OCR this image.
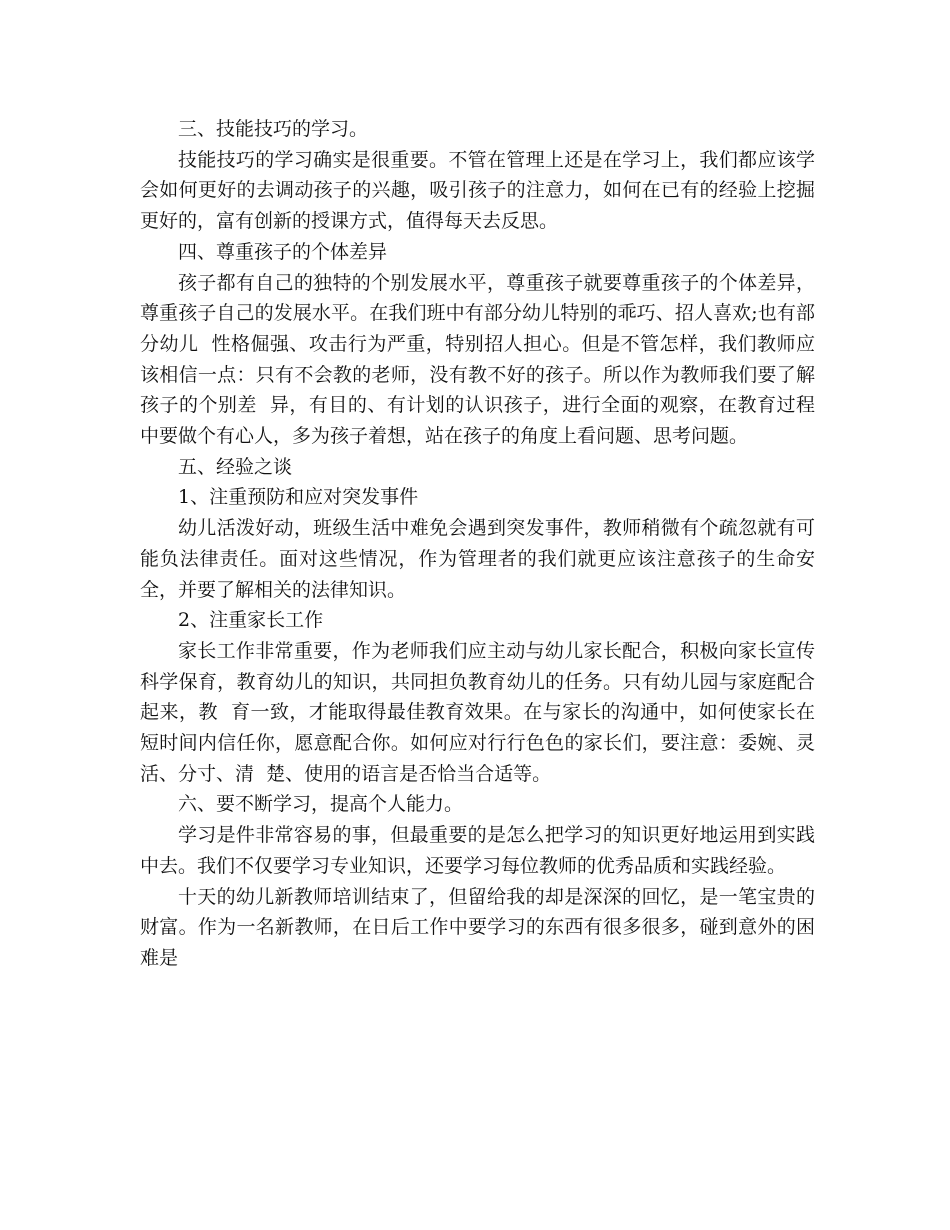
三、技能技巧的学习。

技能技巧的学习确实是很重要。不管在管理上还是在学习上，我们都应该学会如何更好的去调动孩子的兴趣，吸引孩子的注意力，如何在已有的经验上挖掘更好的，富有创新的授课方式，值得每天去反思。

四、尊重孩子的个体差异

孩子都有自己的独特的个别发展水平，尊重孩子就要尊重孩子的个体差异，尊重孩子自己的发展水平。在我们班中有部分幼儿特别的乖巧、招人喜欢;也有部分幼儿  性格倔强、攻击行为严重，特别招人担心。但是不管怎样，我们教师应该相信一点：只有不会教的老师，没有教不好的孩子。所以作为教师我们要了解孩子的个别差  异，有目的、有计划的认识孩子，进行全面的观察，在教育过程中要做个有心人，多为孩子着想，站在孩子的角度上看问题、思考问题。

五、经验之谈

1、注重预防和应对突发事件

幼儿活泼好动，班级生活中难免会遇到突发事件，教师稍微有个疏忽就有可能负法律责任。面对这些情况，作为管理者的我们就更应该注意孩子的生命安全，并要了解相关的法律知识。

2、注重家长工作

家长工作非常重要，作为老师我们应主动与幼儿家长配合，积极向家长宣传科学保育，教育幼儿的知识，共同担负教育幼儿的任务。只有幼儿园与家庭配合起来，教  育一致，才能取得最佳教育效果。在与家长的沟通中，如何使家长在短时间内信任你，愿意配合你。如何应对行行色色的家长们，要注意：委婉、灵活、分寸、清  楚、使用的语言是否恰当合适等。

六、要不断学习，提高个人能力。

学习是件非常容易的事，但最重要的是怎么把学习的知识更好地运用到实践中去。我们不仅要学习专业知识，还要学习每位教师的优秀品质和实践经验。

十天的幼儿新教师培训结束了，但留给我的却是深深的回忆，是一笔宝贵的财富。作为一名新教师，在日后工作中要学习的东西有很多很多，碰到意外的困难是
